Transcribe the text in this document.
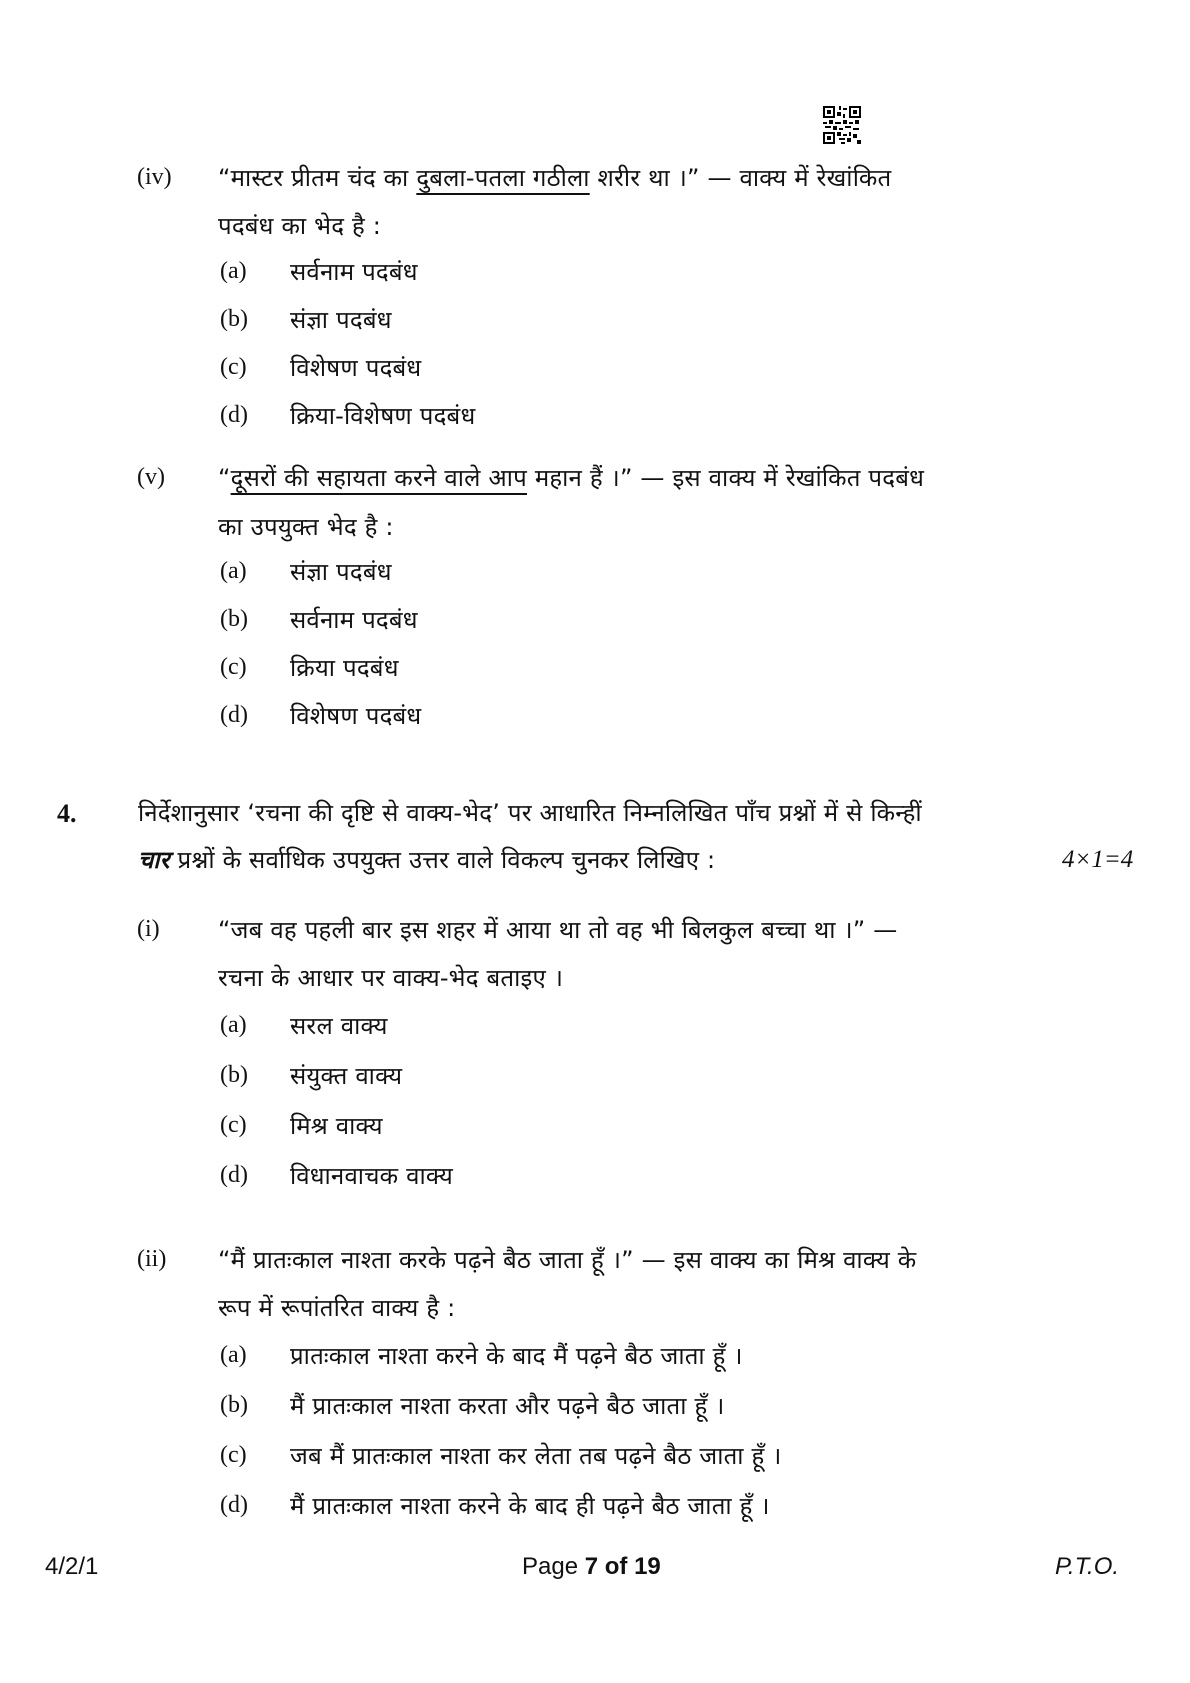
(iv) “मास्टर प्रीतम चंद का दुबला-पतला गठीला शरीर था ।” — वाक्य में रेखांकित
पदबंध का भेद है :
(a) सर्वनाम पदबंध
(b) संज्ञा पदबंध
(c) विशेषण पदबंध
(d) क्रिया-विशेषण पदबंध
(v) “दूसरों की सहायता करने वाले आप महान हैं ।” — इस वाक्य में रेखांकित पदबंध
का उपयुक्त भेद है :
(a) संज्ञा पदबंध
(b) सर्वनाम पदबंध
(c) क्रिया पदबंध
(d) विशेषण पदबंध
4.	निर्देशानुसार ‘रचना की दृष्टि से वाक्य-भेद’ पर आधारित निम्नलिखित पाँच प्रश्नों में से किन्हीं
चार प्रश्नों के सर्वाधिक उपयुक्त उत्तर वाले विकल्प चुनकर लिखिए :	4×1=4
(i) “जब वह पहली बार इस शहर में आया था तो वह भी बिलकुल बच्चा था ।” —
रचना के आधार पर वाक्य-भेद बताइए ।
(a) सरल वाक्य
(b) संयुक्त वाक्य
(c) मिश्र वाक्य
(d) विधानवाचक वाक्य
(ii) “मैं प्रातःकाल नाश्ता करके पढ़ने बैठ जाता हूँ ।” — इस वाक्य का मिश्र वाक्य के
रूप में रूपांतरित वाक्य है :
(a) प्रातःकाल नाश्ता करने के बाद मैं पढ़ने बैठ जाता हूँ ।
(b) मैं प्रातःकाल नाश्ता करता और पढ़ने बैठ जाता हूँ ।
(c) जब मैं प्रातःकाल नाश्ता कर लेता तब पढ़ने बैठ जाता हूँ ।
(d) मैं प्रातःकाल नाश्ता करने के बाद ही पढ़ने बैठ जाता हूँ ।
4/2/1	Page 7 of 19	P.T.O.
